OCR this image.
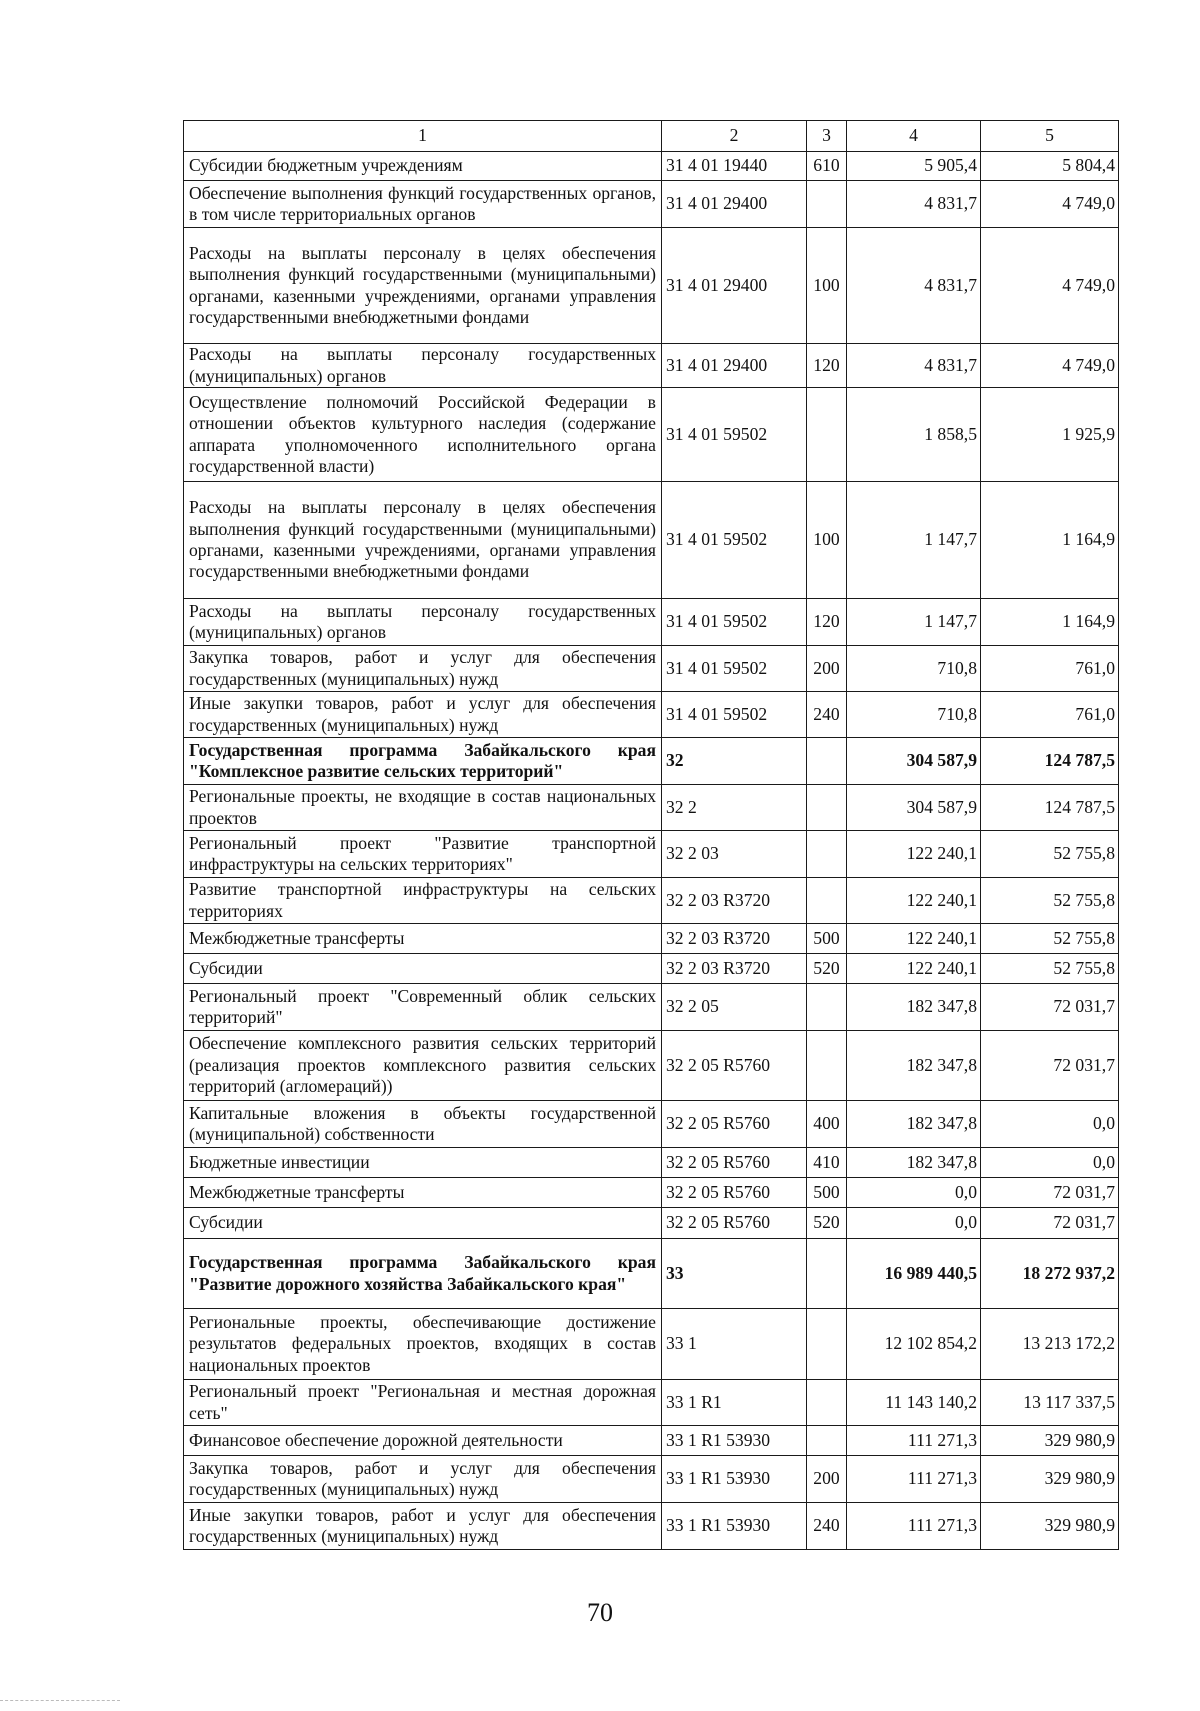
1	2	3	4	5
Субсидии бюджетным учреждениям	31 4 01 19440	610	5 905,4	5 804,4
Обеспечение выполнения функций государственных органов, в том числе территориальных органов	31 4 01 29400		4 831,7	4 749,0
Расходы на выплаты персоналу в целях обеспечения выполнения функций государственными (муниципальными) органами, казенными учреждениями, органами управления государственными внебюджетными фондами	31 4 01 29400	100	4 831,7	4 749,0
Расходы на выплаты персоналу государственных (муниципальных) органов	31 4 01 29400	120	4 831,7	4 749,0
Осуществление полномочий Российской Федерации в отношении объектов культурного наследия (содержание аппарата уполномоченного исполнительного органа государственной власти)	31 4 01 59502		1 858,5	1 925,9
Расходы на выплаты персоналу в целях обеспечения выполнения функций государственными (муниципальными) органами, казенными учреждениями, органами управления государственными внебюджетными фондами	31 4 01 59502	100	1 147,7	1 164,9
Расходы на выплаты персоналу государственных (муниципальных) органов	31 4 01 59502	120	1 147,7	1 164,9
Закупка товаров, работ и услуг для обеспечения государственных (муниципальных) нужд	31 4 01 59502	200	710,8	761,0
Иные закупки товаров, работ и услуг для обеспечения государственных (муниципальных) нужд	31 4 01 59502	240	710,8	761,0
Государственная программа Забайкальского края "Комплексное развитие сельских территорий"	32		304 587,9	124 787,5
Региональные проекты, не входящие в состав национальных проектов	32 2		304 587,9	124 787,5
Региональный проект "Развитие транспортной инфраструктуры на сельских территориях"	32 2 03		122 240,1	52 755,8
Развитие транспортной инфраструктуры на сельских территориях	32 2 03 R3720		122 240,1	52 755,8
Межбюджетные трансферты	32 2 03 R3720	500	122 240,1	52 755,8
Субсидии	32 2 03 R3720	520	122 240,1	52 755,8
Региональный проект "Современный облик сельских территорий"	32 2 05		182 347,8	72 031,7
Обеспечение комплексного развития сельских территорий (реализация проектов комплексного развития сельских территорий (агломераций))	32 2 05 R5760		182 347,8	72 031,7
Капитальные вложения в объекты государственной (муниципальной) собственности	32 2 05 R5760	400	182 347,8	0,0
Бюджетные инвестиции	32 2 05 R5760	410	182 347,8	0,0
Межбюджетные трансферты	32 2 05 R5760	500	0,0	72 031,7
Субсидии	32 2 05 R5760	520	0,0	72 031,7
Государственная программа Забайкальского края "Развитие дорожного хозяйства Забайкальского края"	33		16 989 440,5	18 272 937,2
Региональные проекты, обеспечивающие достижение результатов федеральных проектов, входящих в состав национальных проектов	33 1		12 102 854,2	13 213 172,2
Региональный проект "Региональная и местная дорожная сеть"	33 1 R1		11 143 140,2	13 117 337,5
Финансовое обеспечение дорожной деятельности	33 1 R1 53930		111 271,3	329 980,9
Закупка товаров, работ и услуг для обеспечения государственных (муниципальных) нужд	33 1 R1 53930	200	111 271,3	329 980,9
Иные закупки товаров, работ и услуг для обеспечения государственных (муниципальных) нужд	33 1 R1 53930	240	111 271,3	329 980,9
70
